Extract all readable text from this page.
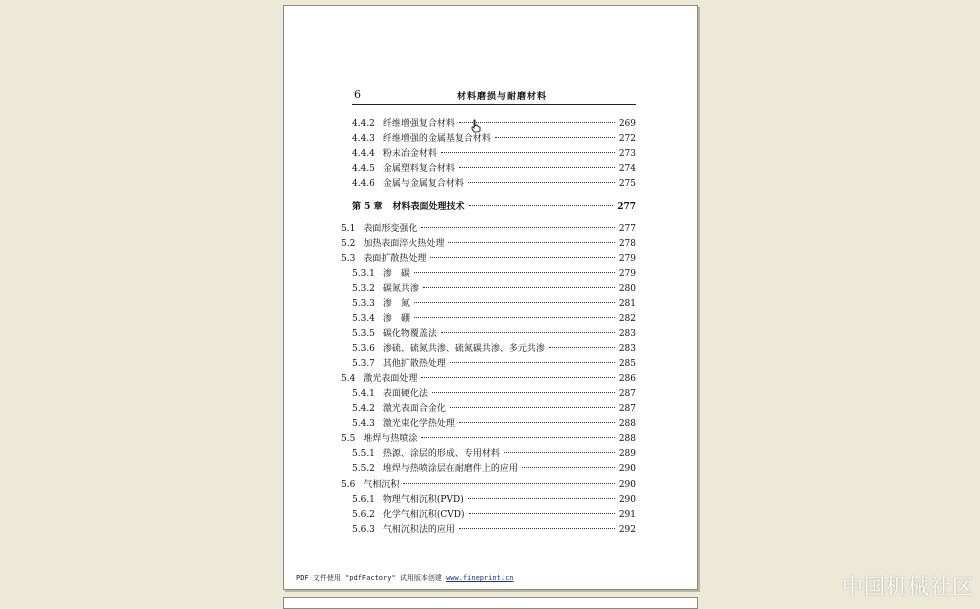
6	材料磨损与耐磨材料
4.4.2 纤维增强复合材料	269
4.4.3 纤维增强的金属基复合材料	272
4.4.4 粉末冶金材料	273
4.4.5 金属塑料复合材料	274
4.4.6 金属与金属复合材料	275
第 5 章 材料表面处理技术	277
5.1 表面形变强化	277
5.2 加热表面淬火热处理	278
5.3 表面扩散热处理	279
5.3.1 渗　碳	279
5.3.2 碳氮共渗	280
5.3.3 渗　氮	281
5.3.4 渗　硼	282
5.3.5 碳化物覆盖法	283
5.3.6 渗硫、硫氮共渗、硫氮碳共渗、多元共渗	283
5.3.7 其他扩散热处理	285
5.4 激光表面处理	286
5.4.1 表面硬化法	287
5.4.2 激光表面合金化	287
5.4.3 激光束化学热处理	288
5.5 堆焊与热喷涂	288
5.5.1 热源、涂层的形成、专用材料	289
5.5.2 堆焊与热喷涂层在耐磨件上的应用	290
5.6 气相沉积	290
5.6.1 物理气相沉积(PVD)	290
5.6.2 化学气相沉积(CVD)	291
5.6.3 气相沉积法的应用	292
PDF 文件使用 "pdfFactory" 试用版本创建 www.fineprint.cn	中国机械社区
